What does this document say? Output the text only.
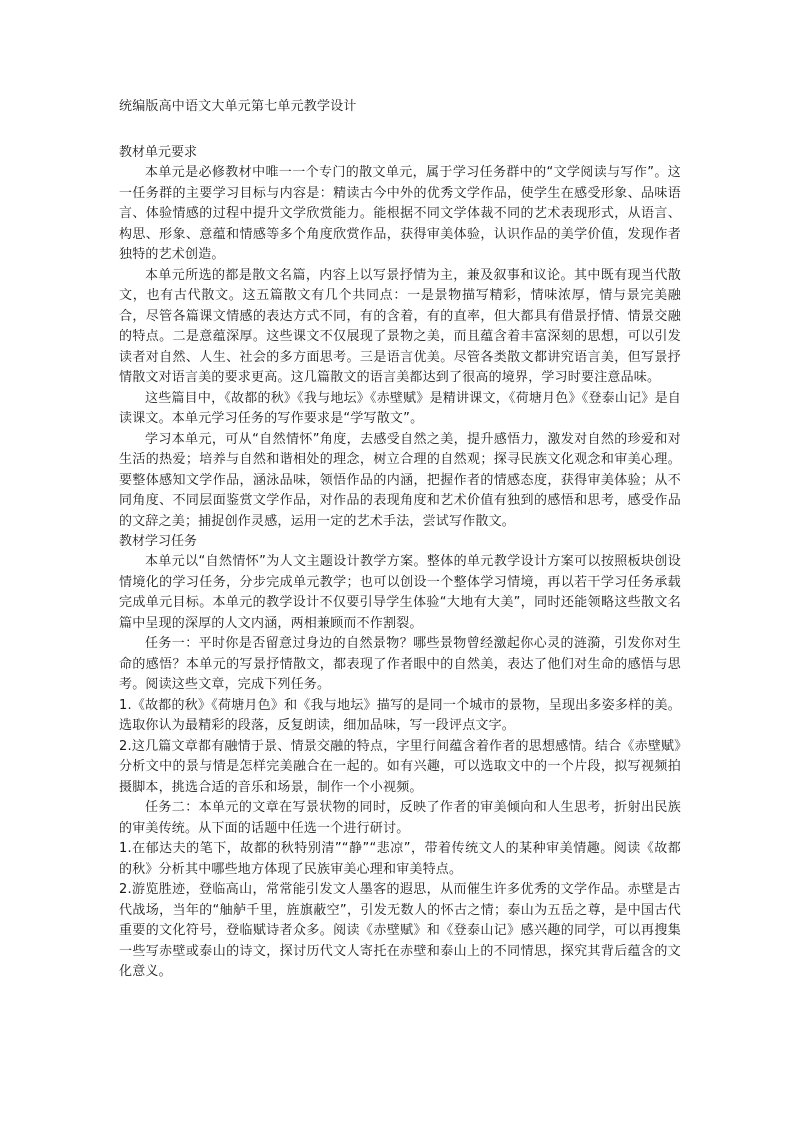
统编版高中语文大单元第七单元教学设计
教材单元要求

本单元是必修教材中唯一一个专门的散文单元，属于学习任务群中的“文学阅读与写作”。这一任务群的主要学习目标与内容是：精读古今中外的优秀文学作品，使学生在感受形象、品味语言、体验情感的过程中提升文学欣赏能力。能根据不同文学体裁不同的艺术表现形式，从语言、构思、形象、意蕴和情感等多个角度欣赏作品，获得审美体验，认识作品的美学价值，发现作者独特的艺术创造。

本单元所选的都是散文名篇，内容上以写景抒情为主，兼及叙事和议论。其中既有现当代散文，也有古代散文。这五篇散文有几个共同点：一是景物描写精彩，情味浓厚，情与景完美融合，尽管各篇课文情感的表达方式不同，有的含着，有的直率，但大都具有借景抒情、情景交融的特点。二是意蕴深厚。这些课文不仅展现了景物之美，而且蕴含着丰富深刻的思想，可以引发读者对自然、人生、社会的多方面思考。三是语言优美。尽管各类散文都讲究语言美，但写景抒情散文对语言美的要求更高。这几篇散文的语言美都达到了很高的境界，学习时要注意品味。

这些篇目中，《故都的秋》《我与地坛》《赤壁赋》是精讲课文，《荷塘月色》《登泰山记》是自读课文。本单元学习任务的写作要求是“学写散文”。

学习本单元，可从“自然情怀”角度，去感受自然之美，提升感悟力，激发对自然的珍爱和对生活的热爱；培养与自然和谐相处的理念，树立合理的自然观；探寻民族文化观念和审美心理。要整体感知文学作品，涵泳品味，领悟作品的内涵，把握作者的情感态度，获得审美体验；从不同角度、不同层面鉴赏文学作品，对作品的表现角度和艺术价值有独到的感悟和思考，感受作品的文辞之美；捕捉创作灵感，运用一定的艺术手法，尝试写作散文。

教材学习任务

本单元以“自然情怀”为人文主题设计教学方案。整体的单元教学设计方案可以按照板块创设情境化的学习任务，分步完成单元教学；也可以创设一个整体学习情境，再以若干学习任务承载完成单元目标。本单元的教学设计不仅要引导学生体验“大地有大美”，同时还能领略这些散文名篇中呈现的深厚的人文内涵，两相兼顾而不作割裂。

任务一：平时你是否留意过身边的自然景物？哪些景物曾经激起你心灵的涟漪，引发你对生命的感悟？本单元的写景抒情散文，都表现了作者眼中的自然美，表达了他们对生命的感悟与思考。阅读这些文章，完成下列任务。

1.《故都的秋》《荷塘月色》和《我与地坛》描写的是同一个城市的景物，呈现出多姿多样的美。选取你认为最精彩的段落，反复朗读，细加品味，写一段评点文字。

2.这几篇文章都有融情于景、情景交融的特点，字里行间蕴含着作者的思想感情。结合《赤壁赋》分析文中的景与情是怎样完美融合在一起的。如有兴趣，可以选取文中的一个片段，拟写视频拍摄脚本，挑选合适的音乐和场景，制作一个小视频。

任务二：本单元的文章在写景状物的同时，反映了作者的审美倾向和人生思考，折射出民族的审美传统。从下面的话题中任选一个进行研讨。

1.在郁达夫的笔下，故都的秋特别清”“静”“悲凉”，带着传统文人的某种审美情趣。阅读《故都的秋》分析其中哪些地方体现了民族审美心理和审美特点。

2.游览胜迹，登临高山，常常能引发文人墨客的遐思，从而催生许多优秀的文学作品。赤壁是古代战场，当年的“舳舻千里，旌旗蔽空”，引发无数人的怀古之情；泰山为五岳之尊，是中国古代重要的文化符号，登临赋诗者众多。阅读《赤壁赋》和《登泰山记》感兴趣的同学，可以再搜集一些写赤壁或泰山的诗文，探讨历代文人寄托在赤壁和泰山上的不同情思，探究其背后蕴含的文化意义。
